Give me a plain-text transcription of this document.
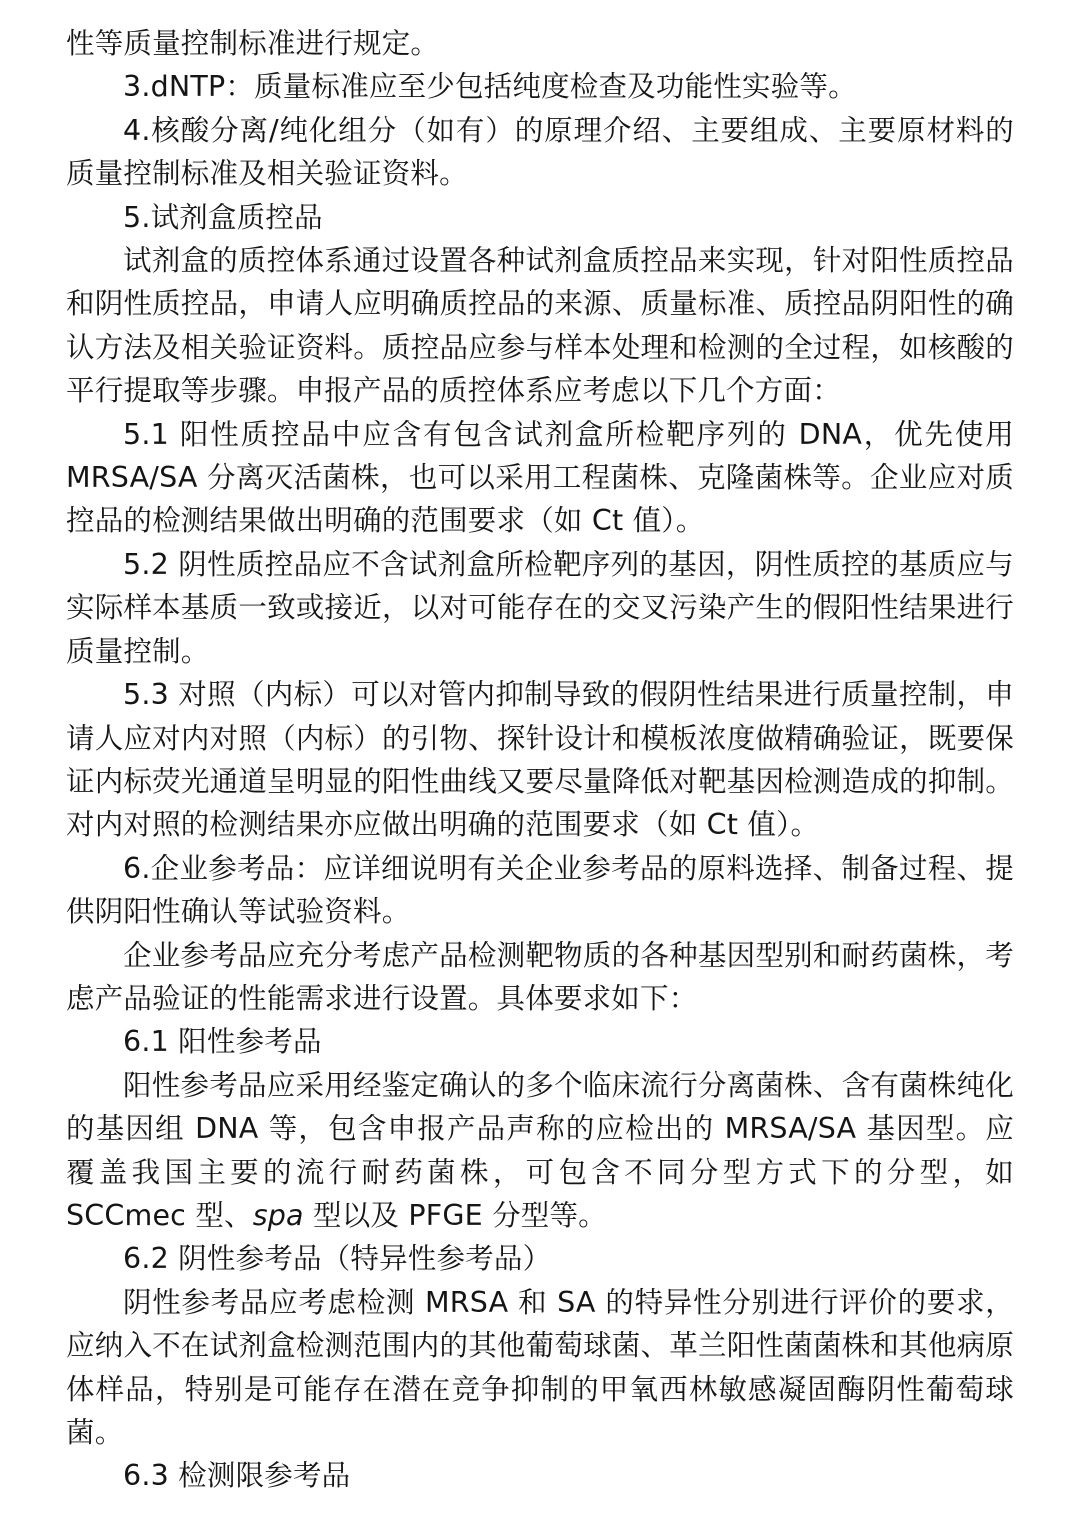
性等质量控制标准进行规定。

3.dNTP：质量标准应至少包括纯度检查及功能性实验等。

4.核酸分离/纯化组分（如有）的原理介绍、主要组成、主要原材料的质量控制标准及相关验证资料。

5.试剂盒质控品

试剂盒的质控体系通过设置各种试剂盒质控品来实现，针对阳性质控品和阴性质控品，申请人应明确质控品的来源、质量标准、质控品阴阳性的确认方法及相关验证资料。质控品应参与样本处理和检测的全过程，如核酸的平行提取等步骤。申报产品的质控体系应考虑以下几个方面：

5.1 阳性质控品中应含有包含试剂盒所检靶序列的 DNA，优先使用 MRSA/SA 分离灭活菌株，也可以采用工程菌株、克隆菌株等。企业应对质控品的检测结果做出明确的范围要求（如 Ct 值）。

5.2 阴性质控品应不含试剂盒所检靶序列的基因，阴性质控的基质应与实际样本基质一致或接近，以对可能存在的交叉污染产生的假阳性结果进行质量控制。

5.3 对照（内标）可以对管内抑制导致的假阴性结果进行质量控制，申请人应对内对照（内标）的引物、探针设计和模板浓度做精确验证，既要保证内标荧光通道呈明显的阳性曲线又要尽量降低对靶基因检测造成的抑制。对内对照的检测结果亦应做出明确的范围要求（如 Ct 值）。

6.企业参考品：应详细说明有关企业参考品的原料选择、制备过程、提供阴阳性确认等试验资料。

企业参考品应充分考虑产品检测靶物质的各种基因型别和耐药菌株，考虑产品验证的性能需求进行设置。具体要求如下：

6.1 阳性参考品

阳性参考品应采用经鉴定确认的多个临床流行分离菌株、含有菌株纯化的基因组 DNA 等，包含申报产品声称的应检出的 MRSA/SA 基因型。应覆盖我国主要的流行耐药菌株，可包含不同分型方式下的分型，如 SCCmec 型、spa 型以及 PFGE 分型等。

6.2 阴性参考品（特异性参考品）

阴性参考品应考虑检测 MRSA 和 SA 的特异性分别进行评价的要求，应纳入不在试剂盒检测范围内的其他葡萄球菌、革兰阳性菌菌株和其他病原体样品，特别是可能存在潜在竞争抑制的甲氧西林敏感凝固酶阴性葡萄球菌。

6.3 检测限参考品
